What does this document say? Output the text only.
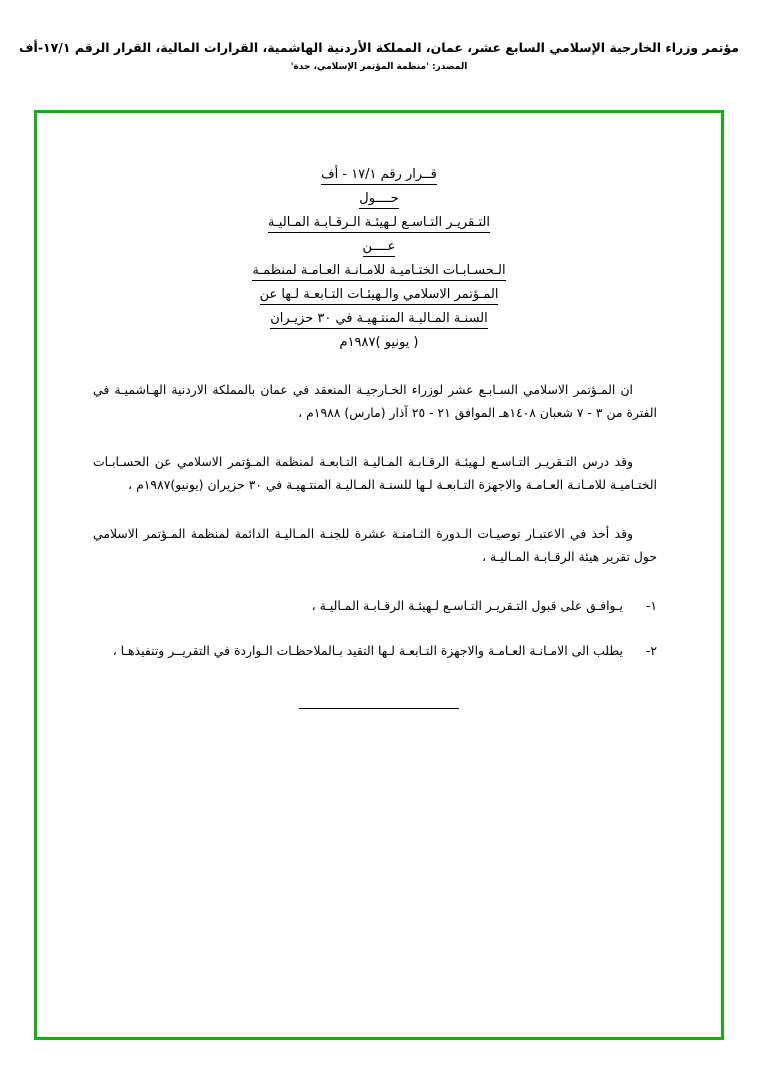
مؤتمر وزراء الخارجية الإسلامي السابع عشر، عمان، المملكة الأردنية الهاشمية، القرارات المالية، القرار الرقم ١٧/١-أف
المصدر: 'منظمة المؤتمر الإسلامي، جدة'
قــرار رقم ١٧/١ - أف
حــــول
التـقريـر التـاسـع لـهيئـة الـرقـابـة المـاليـة
عــــن
الـحسـابـات الختـاميـة للامـانـة العـامـة لمنظمـة
المـؤتمر الاسلامي والـهيئـات التـابعـة لـها عن
السنـة المـاليـة المنتـهيـة في ٣٠ حزيـران
( يونيو )١٩٨٧م

ان المـؤتمر الاسلامي السـابـع عشر لوزراء الخـارجيـة المنعقد في عمان بالمملكة الاردنية الهـاشميـة في الفترة من ٣ - ٧ شعبان ١٤٠٨هـ الموافق ٢١ - ٢٥ آذار (مارس) ١٩٨٨م ،

وقد درس التـقريـر التـاسـع لـهيئـة الرقـابـة المـاليـة التـابعـة لمنظمة المـؤتمر الاسلامي عن الحسـابـات الختـاميـة للامـانـة العـامـة والاجهزة التـابعـة لـها للسنـة المـاليـة المنتـهيـة في ٣٠ حزيران (يونيو)١٩٨٧م ،

وقد أخذ في الاعتبـار توصيـات الـدورة الثـامنـة عشرة للجنـة المـاليـة الدائمة لمنظمة المـؤتمر الاسلامي حول تقرير هيئة الرقـابـة المـاليـة ،

١-
يـوافـق على قبول التـقريـر التـاسـع لـهيئـة الرقـابـة المـاليـة ،
٢-
يطلب الى الامـانـة العـامـة والاجهزة التـابعـة لـها التقيد بـالملاحظـات الـواردة في التقريــر وتنفيذهـا ،
